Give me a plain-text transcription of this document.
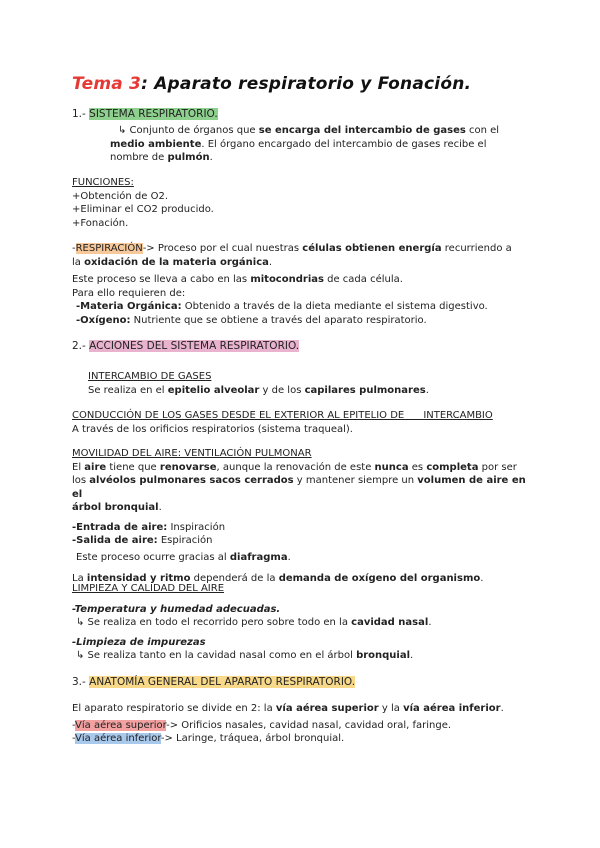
Tema 3: Aparato respiratorio y Fonación.
1.- SISTEMA RESPIRATORIO.
↳ Conjunto de órganos que se encarga del intercambio de gases con el
medio ambiente. El órgano encargado del intercambio de gases recibe el
nombre de pulmón.
FUNCIONES:
+Obtención de O2.
+Eliminar el CO2 producido.
+Fonación.
-RESPIRACIÓN-> Proceso por el cual nuestras células obtienen energía recurriendo a
la oxidación de la materia orgánica.
Este proceso se lleva a cabo en las mitocondrias de cada célula.
Para ello requieren de:
-Materia Orgánica: Obtenido a través de la dieta mediante el sistema digestivo.
-Oxígeno: Nutriente que se obtiene a través del aparato respiratorio.
2.- ACCIONES DEL SISTEMA RESPIRATORIO.
INTERCAMBIO DE GASES
Se realiza en el epitelio alveolar y de los capilares pulmonares.
CONDUCCIÓN DE LOS GASES DESDE EL EXTERIOR AL EPITELIO DE      INTERCAMBIO
A través de los orificios respiratorios (sistema traqueal).
MOVILIDAD DEL AIRE: VENTILACIÓN PULMONAR
El aire tiene que renovarse, aunque la renovación de este nunca es completa por ser
los alvéolos pulmonares sacos cerrados y mantener siempre un volumen de aire en el
árbol bronquial.
-Entrada de aire: Inspiración
-Salida de aire: Espiración
Este proceso ocurre gracias al diafragma.
La intensidad y ritmo dependerá de la demanda de oxígeno del organismo.
LIMPIEZA Y CALIDAD DEL AIRE
-Temperatura y humedad adecuadas.
↳ Se realiza en todo el recorrido pero sobre todo en la cavidad nasal.
-Limpieza de impurezas
↳ Se realiza tanto en la cavidad nasal como en el árbol bronquial.
3.- ANATOMÍA GENERAL DEL APARATO RESPIRATORIO.
El aparato respiratorio se divide en 2: la vía aérea superior y la vía aérea inferior.
-Vía aérea superior-> Orificios nasales, cavidad nasal, cavidad oral, faringe.
-Vía aérea inferior-> Laringe, tráquea, árbol bronquial.
